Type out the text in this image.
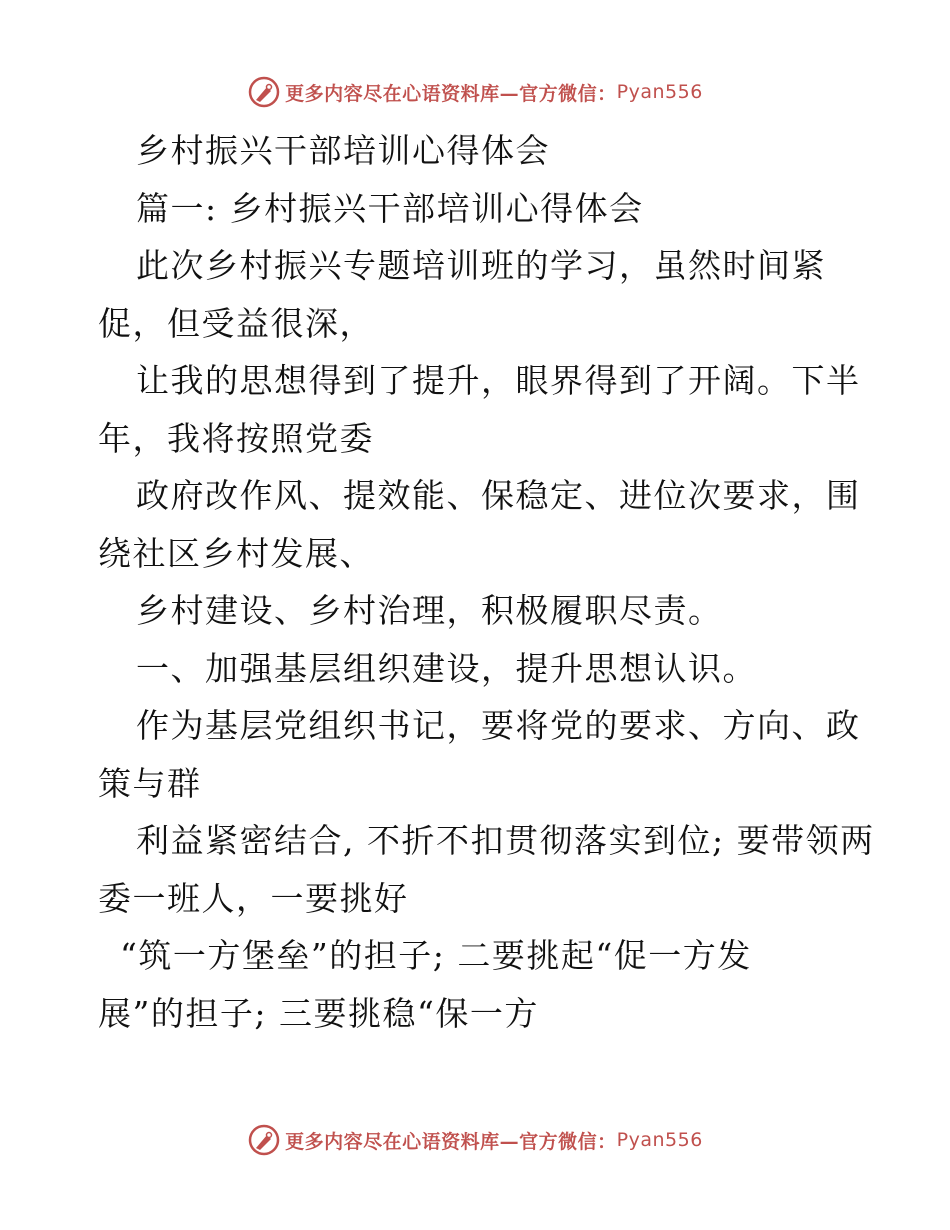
更多内容尽在心语资料库—官方微信： Pyan556
乡村振兴干部培训心得体会
篇一: 乡村振兴干部培训心得体会
此次乡村振兴专题培训班的学习，虽然时间紧
促，但受益很深，
让我的思想得到了提升，眼界得到了开阔。下半
年，我将按照党委
政府改作风、提效能、保稳定、进位次要求，围
绕社区乡村发展、
乡村建设、乡村治理，积极履职尽责。
一、加强基层组织建设，提升思想认识。
作为基层党组织书记，要将党的要求、方向、政
策与群
利益紧密结合, 不折不扣贯彻落实到位; 要带领两
委一班人，一要挑好
“筑一方堡垒”的担子; 二要挑起“促一方发
展”的担子; 三要挑稳“保一方
更多内容尽在心语资料库—官方微信： Pyan556
